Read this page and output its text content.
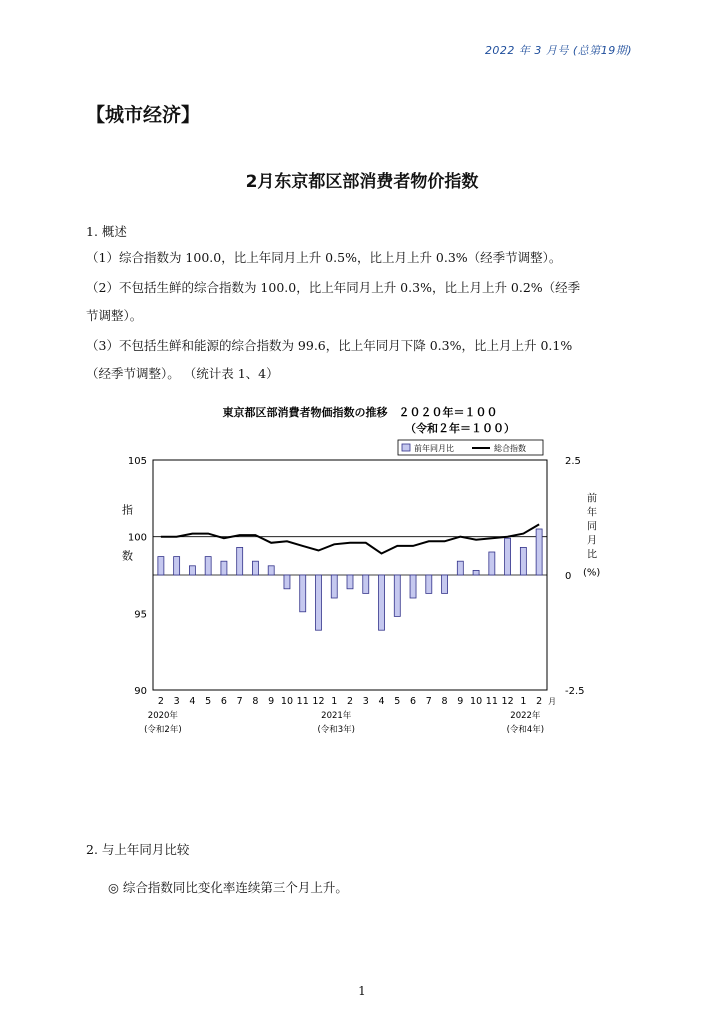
2022 年 3 月号 (总第19期)
【城市经济】
2月东京都区部消费者物价指数
1. 概述
（1）综合指数为 100.0，比上年同月上升 0.5%，比上月上升 0.3%（经季节调整）。
（2）不包括生鲜的综合指数为 100.0，比上年同月上升 0.3%，比上月上升 0.2%（经季
节调整）。
（3）不包括生鲜和能源的综合指数为 99.6，比上年同月下降 0.3%，比上月上升 0.1%
（经季节调整）。 （统计表 1、4）
東京都区部消費者物価指数の推移　２０２０年＝１００
（令和２年＝１００）
105
100
95
90
指
数
2.5
0
-2.5
前
年
同
月
比
(%)
前年同月比	総合指数
2 3 4 5 6 7 8 9 10 11 12 1 2 3 4 5 6 7 8 9 10 11 12 1 2 月
2020年
(令和2年)
2021年
(令和3年)
2022年
(令和4年)
2. 与上年同月比较
◎ 综合指数同比变化率连续第三个月上升。
1
